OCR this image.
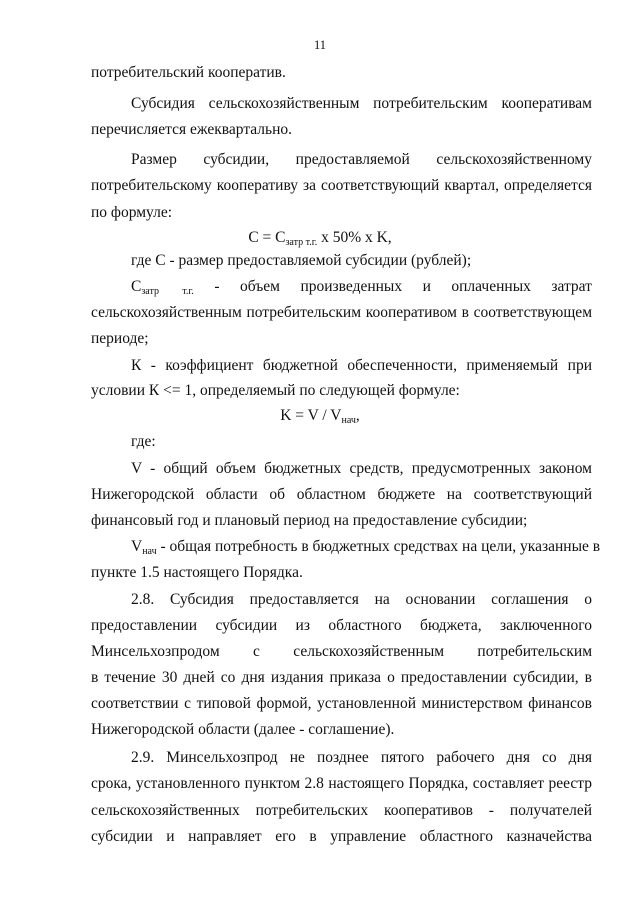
11
потребительский кооператив.
Субсидия сельскохозяйственным потребительским кооперативам
перечисляется ежеквартально.
Размер субсидии, предоставляемой сельскохозяйственному
потребительскому кооперативу за соответствующий квартал, определяется
по формуле:
$С = С_{затр т.г.}$ х 50% х K,
где С - размер предоставляемой субсидии (рублей);
$С_{затр}$ $_{т.г.}$ - объем произведенных и оплаченных затрат
сельскохозяйственным потребительским кооперативом в соответствующем
периоде;
К - коэффициент бюджетной обеспеченности, применяемый при
условии К <= 1, определяемый по следующей формуле:
$K = V / V_{нач}$,
где:
V - общий объем бюджетных средств, предусмотренных законом
Нижегородской области об областном бюджете на соответствующий
финансовый год и плановый период на предоставление субсидии;
$V_{нач}$ - общая потребность в бюджетных средствах на цели, указанные в
пункте 1.5 настоящего Порядка.
2.8. Субсидия предоставляется на основании соглашения о
предоставлении субсидии из областного бюджета, заключенного
Минсельхозпродом с сельскохозяйственным потребительским
в течение 30 дней со дня издания приказа о предоставлении субсидии, в
соответствии с типовой формой, установленной министерством финансов
Нижегородской области (далее - соглашение).
2.9. Минсельхозпрод не позднее пятого рабочего дня со дня
срока, установленного пунктом 2.8 настоящего Порядка, составляет реестр
сельскохозяйственных потребительских кооперативов - получателей
субсидии и направляет его в управление областного казначейства
